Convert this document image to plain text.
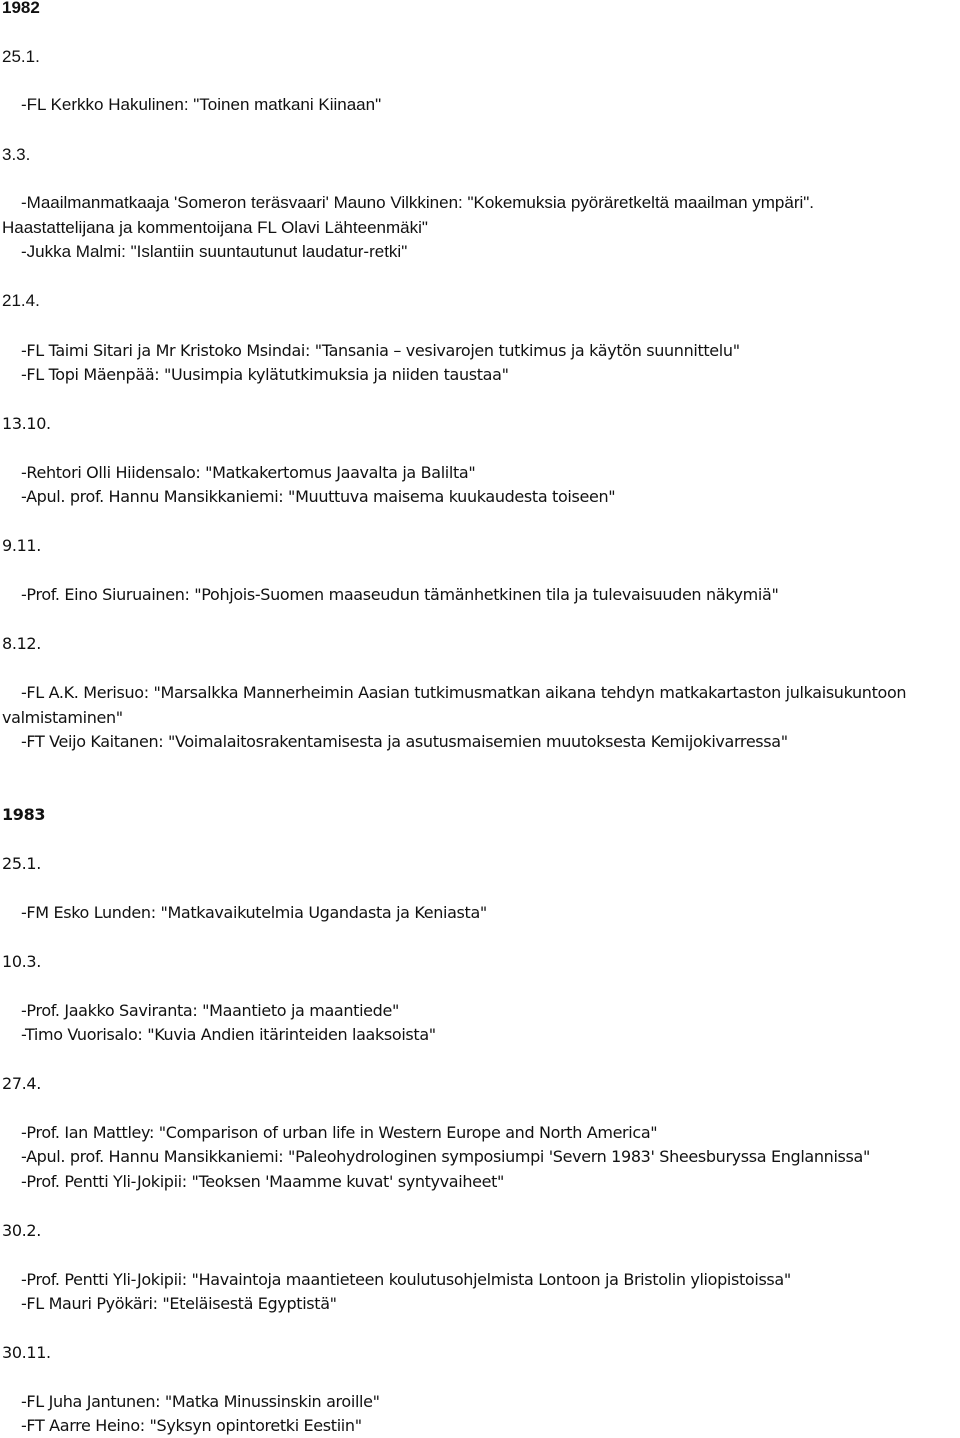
1982
25.1.
-FL Kerkko Hakulinen: "Toinen matkani Kiinaan"
3.3.
-Maailmanmatkaaja 'Someron teräsvaari' Mauno Vilkkinen: "Kokemuksia pyöräretkeltä maailman ympäri".
Haastattelijana ja kommentoijana FL Olavi Lähteenmäki"
-Jukka Malmi: "Islantiin suuntautunut laudatur-retki"
21.4.
-FL Taimi Sitari ja Mr Kristoko Msindai: "Tansania – vesivarojen tutkimus ja käytön suunnittelu"
-FL Topi Mäenpää: "Uusimpia kylätutkimuksia ja niiden taustaa"
13.10.
-Rehtori Olli Hiidensalo: "Matkakertomus Jaavalta ja Balilta"
-Apul. prof. Hannu Mansikkaniemi: "Muuttuva maisema kuukaudesta toiseen"
9.11.
-Prof. Eino Siuruainen: "Pohjois-Suomen maaseudun tämänhetkinen tila ja tulevaisuuden näkymiä"
8.12.
-FL A.K. Merisuo: "Marsalkka Mannerheimin Aasian tutkimusmatkan aikana tehdyn matkakartaston julkaisukuntoon
valmistaminen"
-FT Veijo Kaitanen: "Voimalaitosrakentamisesta ja asutusmaisemien muutoksesta Kemijokivarressa"
1983
25.1.
-FM Esko Lunden: "Matkavaikutelmia Ugandasta ja Keniasta"
10.3.
-Prof. Jaakko Saviranta: "Maantieto ja maantiede"
-Timo Vuorisalo: "Kuvia Andien itärinteiden laaksoista"
27.4.
-Prof. Ian Mattley: "Comparison of urban life in Western Europe and North America"
-Apul. prof. Hannu Mansikkaniemi: "Paleohydrologinen symposiumpi 'Severn 1983' Sheesburyssa Englannissa"
-Prof. Pentti Yli-Jokipii: "Teoksen 'Maamme kuvat' syntyvaiheet"
30.2.
-Prof. Pentti Yli-Jokipii: "Havaintoja maantieteen koulutusohjelmista Lontoon ja Bristolin yliopistoissa"
-FL Mauri Pyökäri: "Eteläisestä Egyptistä"
30.11.
-FL Juha Jantunen: "Matka Minussinskin aroille"
-FT Aarre Heino: "Syksyn opintoretki Eestiin"
